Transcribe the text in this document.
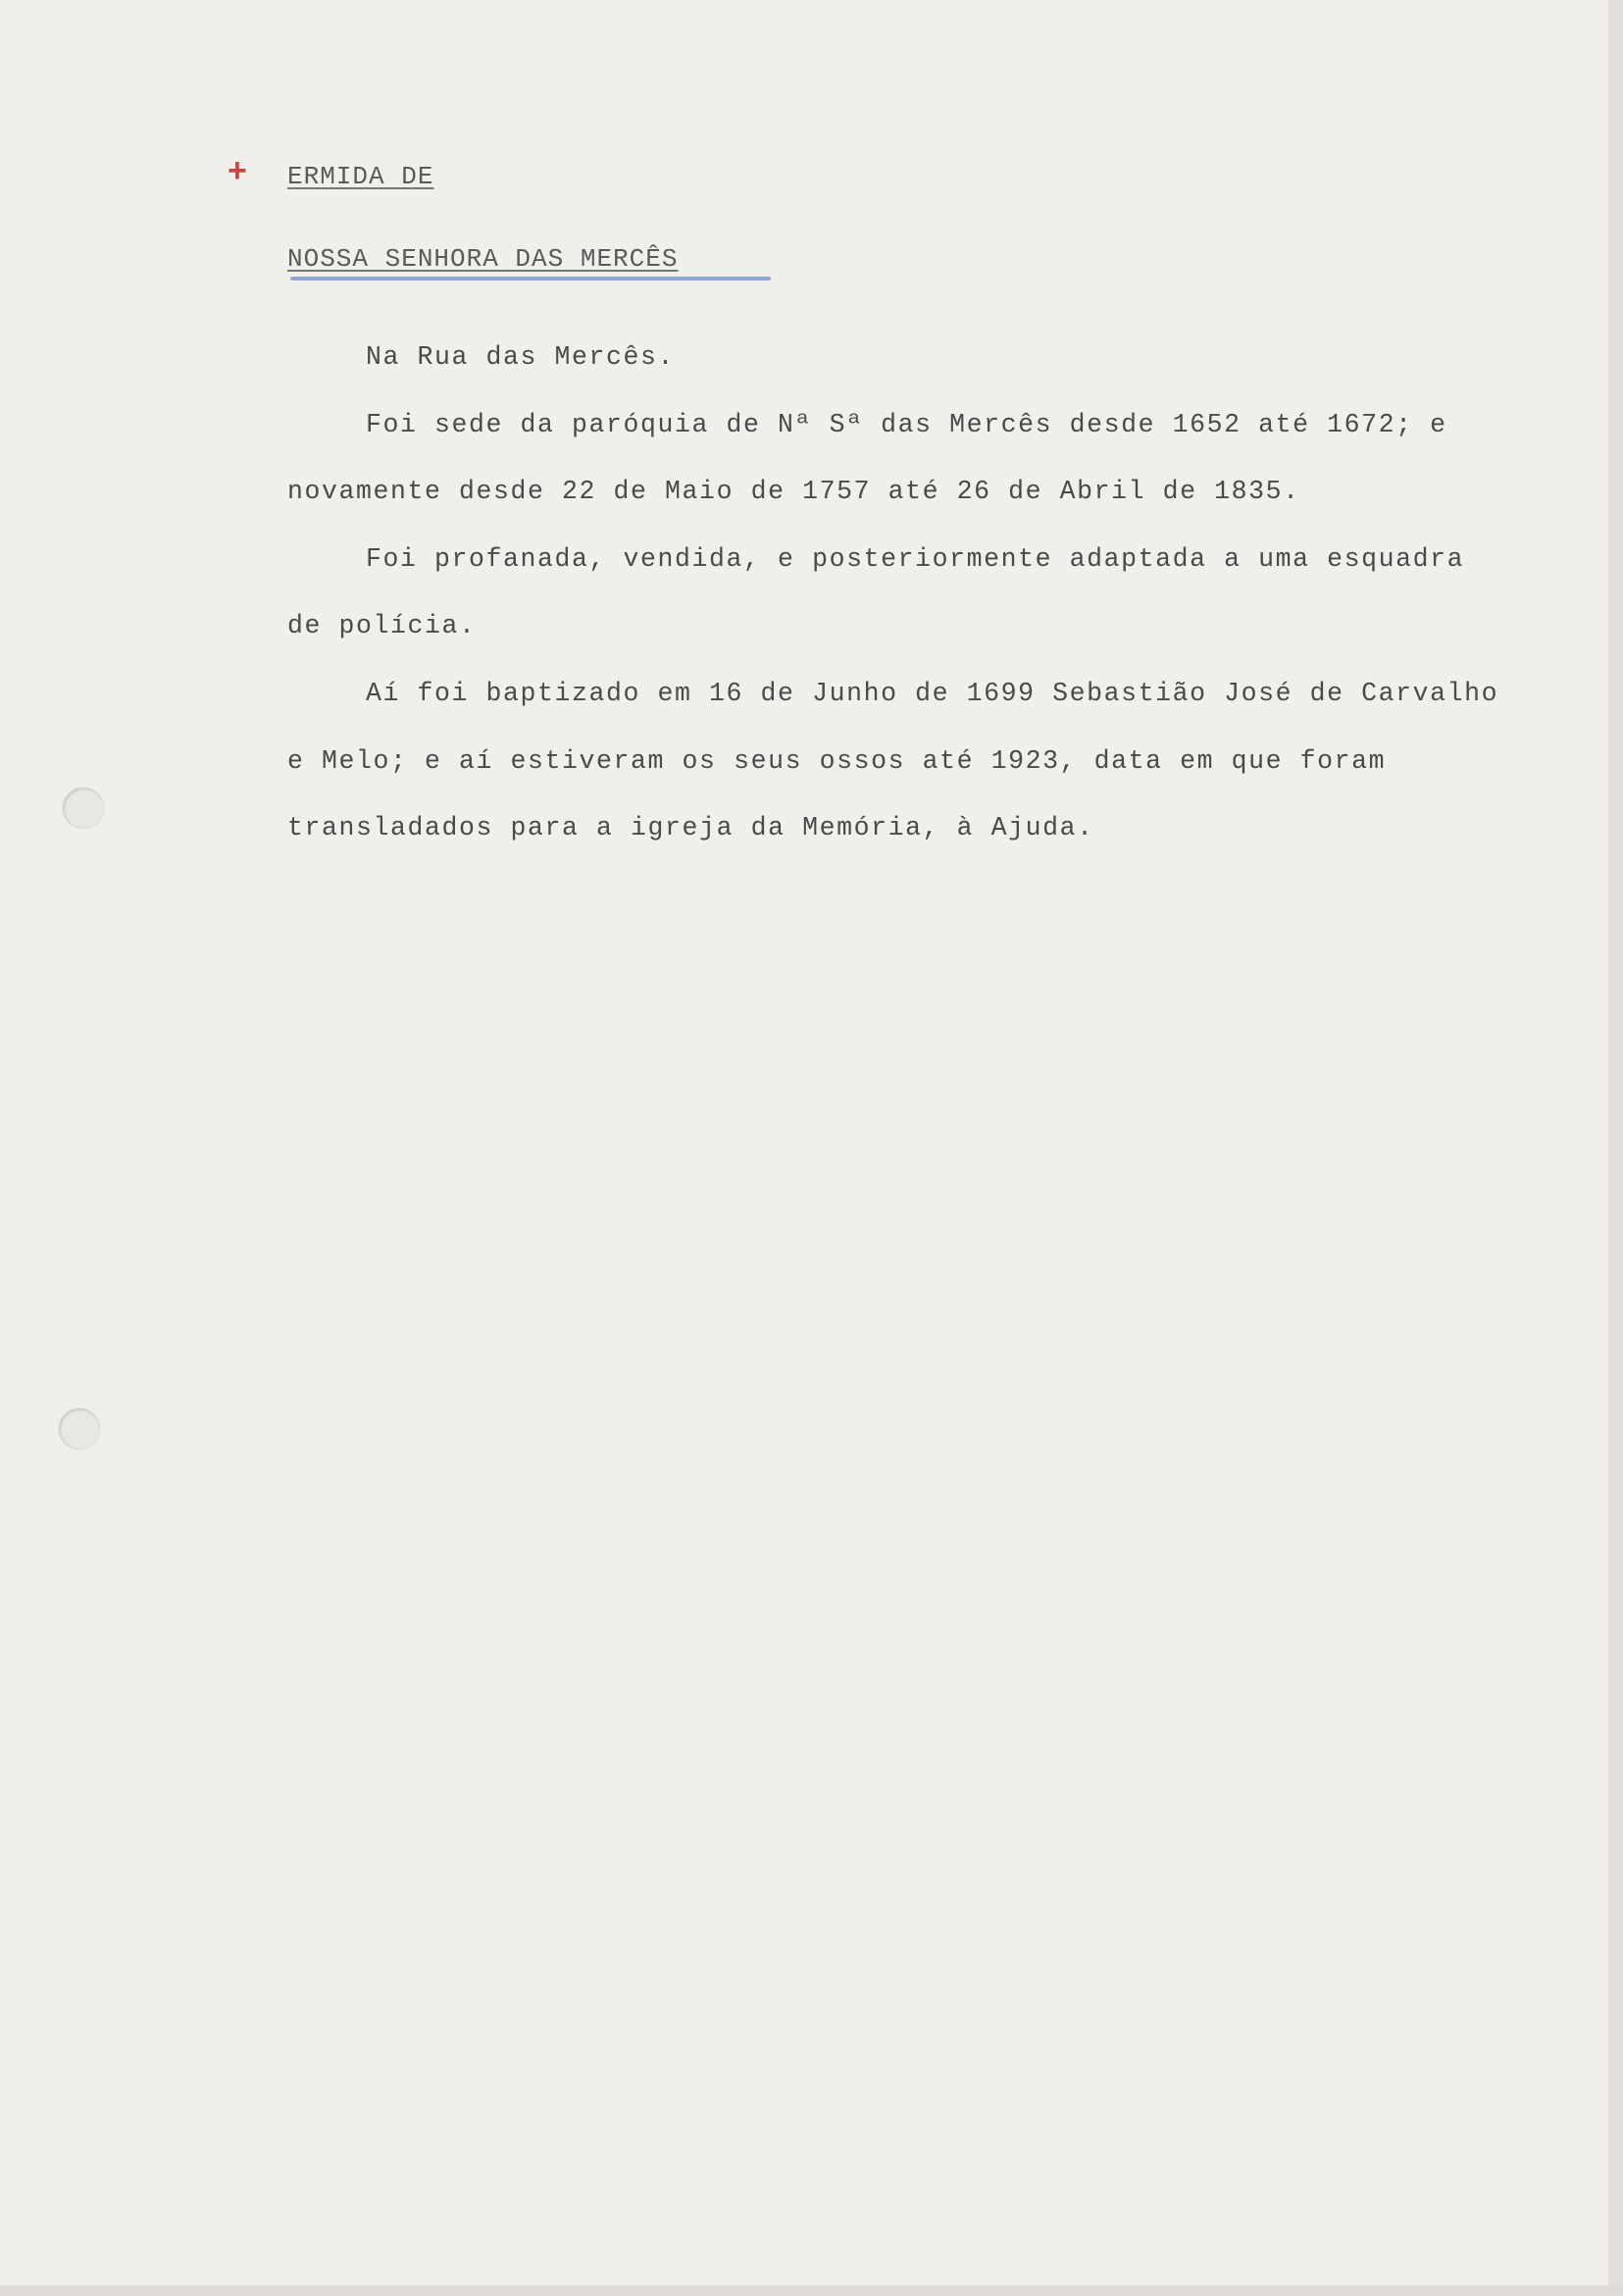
+ ERMIDA DE
NOSSA SENHORA DAS MERCÊS

Na Rua das Mercês.

Foi sede da paróquia de Nª Sª das Mercês desde 1652 até 1672; e novamente desde 22 de Maio de 1757 até 26 de Abril de 1835.

Foi profanada, vendida, e posteriormente adaptada a uma esquadra de polícia.

Aí foi baptizado em 16 de Junho de 1699 Sebastião José de Carvalho e Melo; e aí estiveram os seus ossos até 1923, data em que foram transladados para a igreja da Memória, à Ajuda.
